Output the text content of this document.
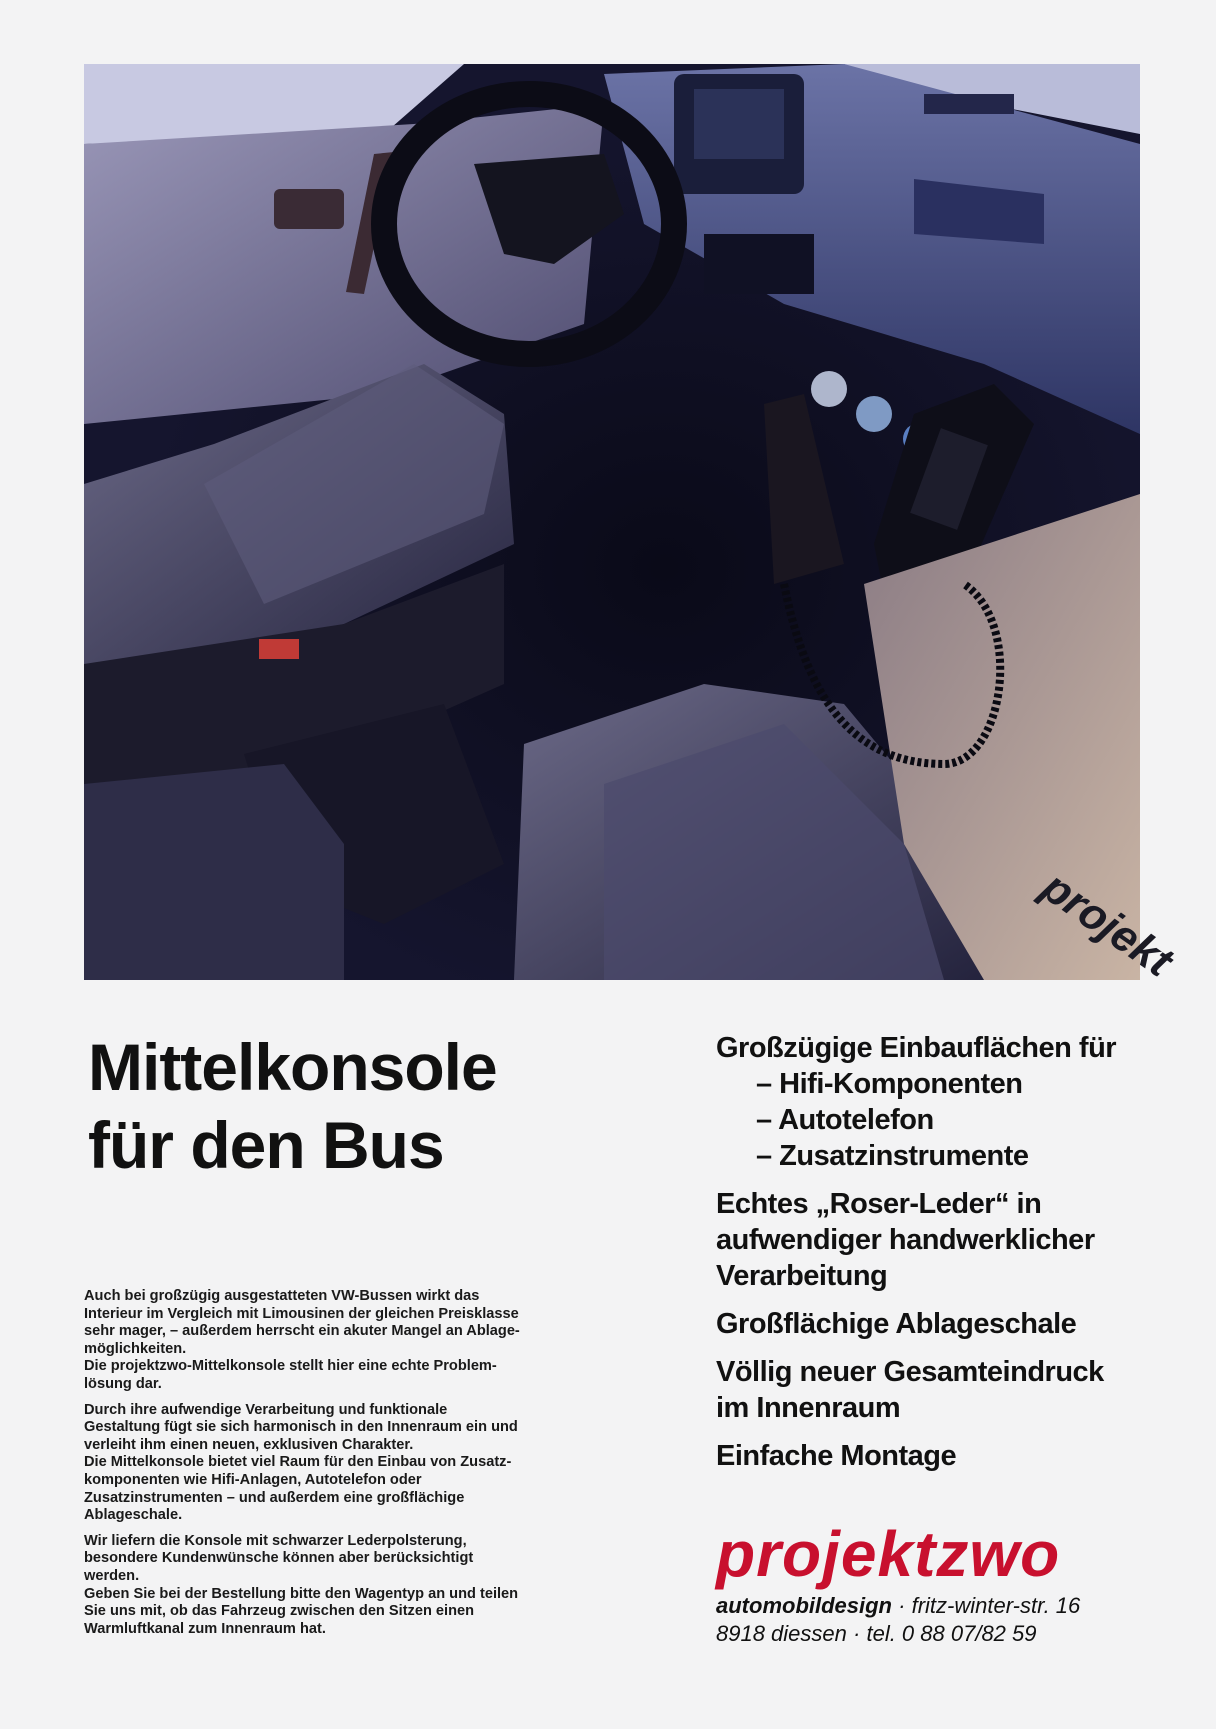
projekt
Mittelkonsole
für den Bus

Auch bei großzügig ausgestatteten VW-Bussen wirkt das
Interieur im Vergleich mit Limousinen der gleichen Preisklasse
sehr mager, – außerdem herrscht ein akuter Mangel an Ablage-
möglichkeiten.
Die projektzwo-Mittelkonsole stellt hier eine echte Problem-
lösung dar.

Durch ihre aufwendige Verarbeitung und funktionale
Gestaltung fügt sie sich harmonisch in den Innenraum ein und
verleiht ihm einen neuen, exklusiven Charakter.
Die Mittelkonsole bietet viel Raum für den Einbau von Zusatz-
komponenten wie Hifi-Anlagen, Autotelefon oder
Zusatzinstrumenten – und außerdem eine großflächige
Ablageschale.

Wir liefern die Konsole mit schwarzer Lederpolsterung,
besondere Kundenwünsche können aber berücksichtigt
werden.
Geben Sie bei der Bestellung bitte den Wagentyp an und teilen
Sie uns mit, ob das Fahrzeug zwischen den Sitzen einen
Warmluftkanal zum Innenraum hat.

Großzügige Einbauflächen für
– Hifi-Komponenten
– Autotelefon
– Zusatzinstrumente
Echtes „Roser-Leder“ in
aufwendiger handwerklicher
Verarbeitung
Großflächige Ablageschale
Völlig neuer Gesamteindruck
im Innenraum
Einfache Montage
projektzwo
automobildesign · fritz-winter-str. 16
8918 diessen · tel. 0 88 07/82 59
